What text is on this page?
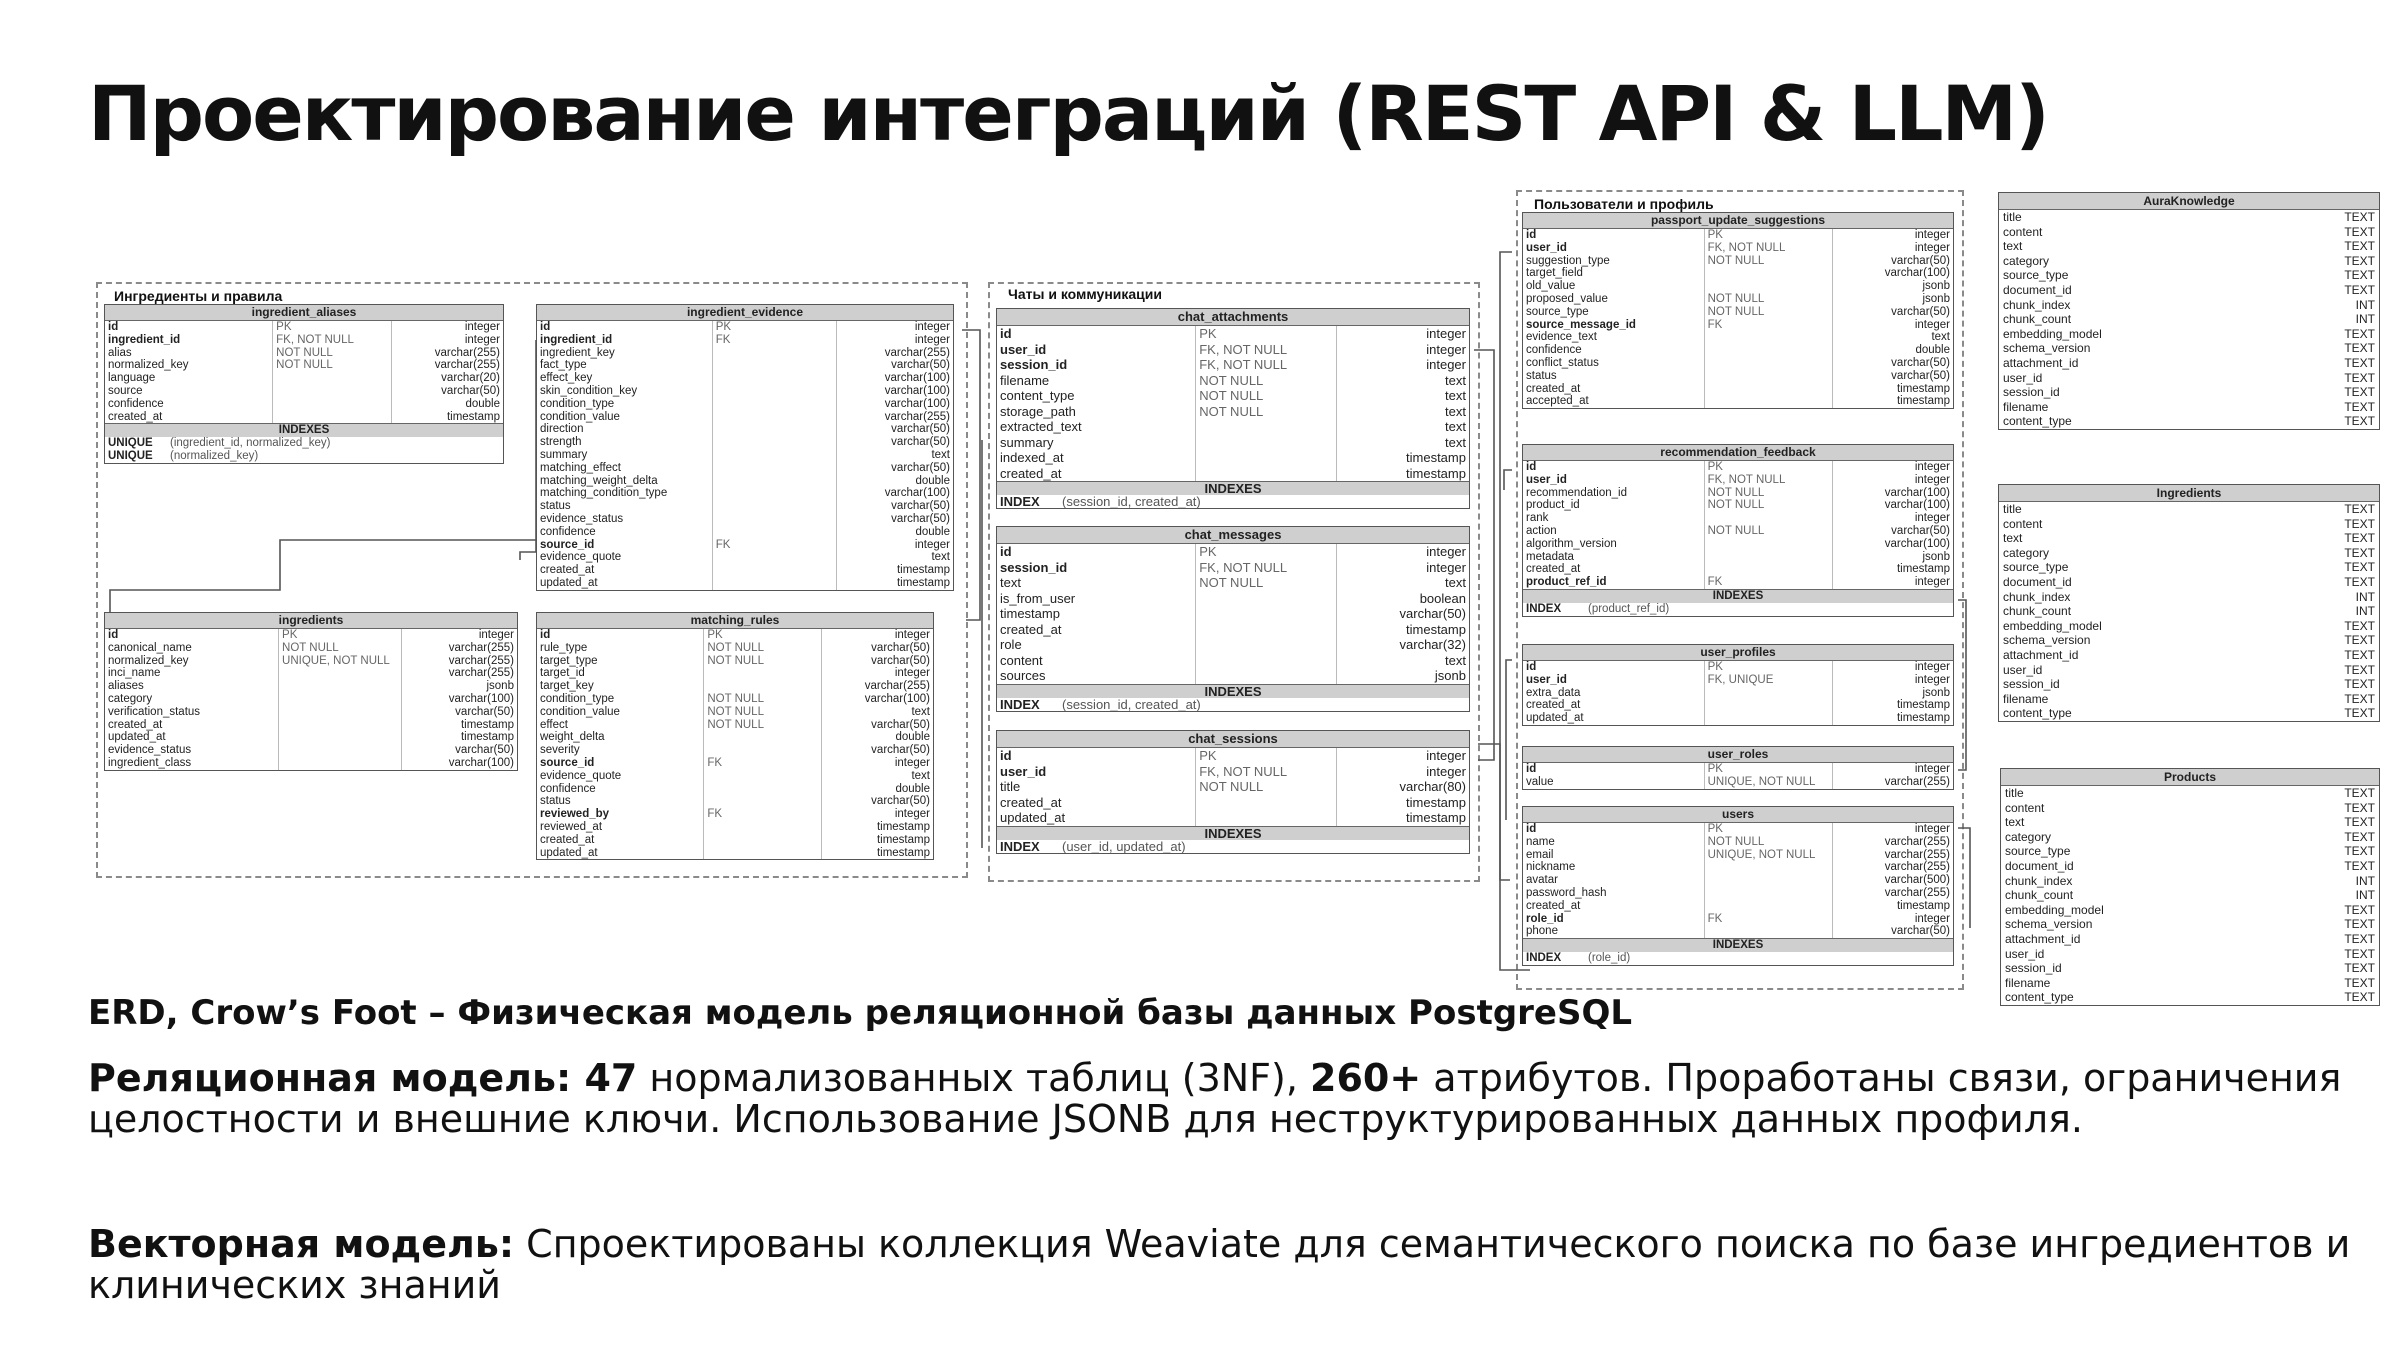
Проектирование интеграций (REST API & LLM)
Ингредиенты и правила	Чаты и коммуникации
Пользователи и профиль
ingredient_aliases
id	PK	integer
ingredient_id	FK, NOT NULL	integer
alias	NOT NULL	varchar(255)
normalized_key	NOT NULL	varchar(255)
language	varchar(20)
source	varchar(50)
confidence	double
created_at	timestamp
INDEXES
UNIQUE	(ingredient_id, normalized_key)
UNIQUE	(normalized_key)
ingredient_evidence
id	PK	integer
ingredient_id	FK	integer
ingredient_key	varchar(255)
fact_type	varchar(50)
effect_key	varchar(100)
skin_condition_key	varchar(100)
condition_type	varchar(100)
condition_value	varchar(255)
direction	varchar(50)
strength	varchar(50)
summary	text
matching_effect	varchar(50)
matching_weight_delta	double
matching_condition_type	varchar(100)
status	varchar(50)
evidence_status	varchar(50)
confidence	double
source_id	FK	integer
evidence_quote	text
created_at	timestamp
updated_at	timestamp
ingredients
id	PK	integer
canonical_name	NOT NULL	varchar(255)
normalized_key	UNIQUE, NOT NULL	varchar(255)
inci_name	varchar(255)
aliases	jsonb
category	varchar(100)
verification_status	varchar(50)
created_at	timestamp
updated_at	timestamp
evidence_status	varchar(50)
ingredient_class	varchar(100)
matching_rules
id	PK	integer
rule_type	NOT NULL	varchar(50)
target_type	NOT NULL	varchar(50)
target_id	integer
target_key	varchar(255)
condition_type	NOT NULL	varchar(100)
condition_value	NOT NULL	text
effect	NOT NULL	varchar(50)
weight_delta	double
severity	varchar(50)
source_id	FK	integer
evidence_quote	text
confidence	double
status	varchar(50)
reviewed_by	FK	integer
reviewed_at	timestamp
created_at	timestamp
updated_at	timestamp
chat_attachments
id	PK	integer
user_id	FK, NOT NULL	integer
session_id	FK, NOT NULL	integer
filename	NOT NULL	text
content_type	NOT NULL	text
storage_path	NOT NULL	text
extracted_text	text
summary	text
indexed_at	timestamp
created_at	timestamp
INDEXES
INDEX	(session_id, created_at)
chat_messages
id	PK	integer
session_id	FK, NOT NULL	integer
text	NOT NULL	text
is_from_user	boolean
timestamp	varchar(50)
created_at	timestamp
role	varchar(32)
content	text
sources	jsonb
INDEXES
INDEX	(session_id, created_at)
chat_sessions
id	PK	integer
user_id	FK, NOT NULL	integer
title	NOT NULL	varchar(80)
created_at	timestamp
updated_at	timestamp
INDEXES
INDEX	(user_id, updated_at)
passport_update_suggestions
id	PK	integer
user_id	FK, NOT NULL	integer
suggestion_type	NOT NULL	varchar(50)
target_field	varchar(100)
old_value	jsonb
proposed_value	NOT NULL	jsonb
source_type	NOT NULL	varchar(50)
source_message_id	FK	integer
evidence_text	text
confidence	double
conflict_status	varchar(50)
status	varchar(50)
created_at	timestamp
accepted_at	timestamp
recommendation_feedback
id	PK	integer
user_id	FK, NOT NULL	integer
recommendation_id	NOT NULL	varchar(100)
product_id	NOT NULL	varchar(100)
rank	integer
action	NOT NULL	varchar(50)
algorithm_version	varchar(100)
metadata	jsonb
created_at	timestamp
product_ref_id	FK	integer
INDEXES
INDEX	(product_ref_id)
user_profiles
id	PK	integer
user_id	FK, UNIQUE	integer
extra_data	jsonb
created_at	timestamp
updated_at	timestamp
user_roles
id	PK	integer
value	UNIQUE, NOT NULL	varchar(255)
users
id	PK	integer
name	NOT NULL	varchar(255)
email	UNIQUE, NOT NULL	varchar(255)
nickname	varchar(255)
avatar	varchar(500)
password_hash	varchar(255)
created_at	timestamp
role_id	FK	integer
phone	varchar(50)
INDEXES
INDEX	(role_id)
AuraKnowledge
title	TEXT
content	TEXT
text	TEXT
category	TEXT
source_type	TEXT
document_id	TEXT
chunk_index	INT
chunk_count	INT
embedding_model	TEXT
schema_version	TEXT
attachment_id	TEXT
user_id	TEXT
session_id	TEXT
filename	TEXT
content_type	TEXT
Ingredients
title	TEXT
content	TEXT
text	TEXT
category	TEXT
source_type	TEXT
document_id	TEXT
chunk_index	INT
chunk_count	INT
embedding_model	TEXT
schema_version	TEXT
attachment_id	TEXT
user_id	TEXT
session_id	TEXT
filename	TEXT
content_type	TEXT
Products
title	TEXT
content	TEXT
text	TEXT
category	TEXT
source_type	TEXT
document_id	TEXT
chunk_index	INT
chunk_count	INT
embedding_model	TEXT
schema_version	TEXT
attachment_id	TEXT
user_id	TEXT
session_id	TEXT
filename	TEXT
content_type	TEXT

ERD, Crow’s Foot – Физическая модель реляционной базы данных PostgreSQL

Реляционная модель: 47 нормализованных таблиц (3NF), 260+ атрибутов. Проработаны связи, ограничения целостности и внешние ключи. Использование JSONB для неструктурированных данных профиля.

Векторная модель: Спроектированы коллекция Weaviate для семантического поиска по базе ингредиентов и клинических знаний
